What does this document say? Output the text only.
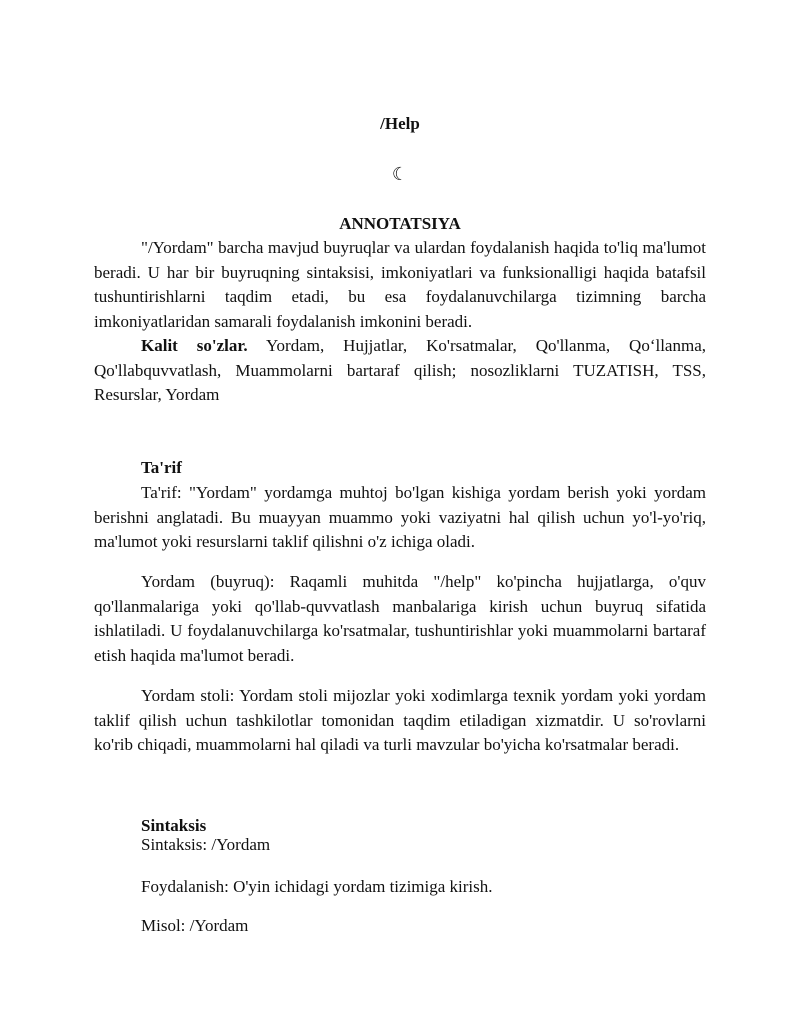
/Help

☾

ANNOTATSIYA

"/Yordam" barcha mavjud buyruqlar va ulardan foydalanish haqida to'liq ma'lumot beradi. U har bir buyruqning sintaksisi, imkoniyatlari va funksionalligi haqida batafsil tushuntirishlarni taqdim etadi, bu esa foydalanuvchilarga tizimning barcha imkoniyatlaridan samarali foydalanish imkonini beradi.

Kalit so'zlar. Yordam, Hujjatlar, Ko'rsatmalar, Qo'llanma, Qo‘llanma, Qo'llabquvvatlash, Muammolarni bartaraf qilish; nosozliklarni TUZATISH, TSS, Resurslar, Yordam

Ta'rif

Ta'rif: "Yordam" yordamga muhtoj bo'lgan kishiga yordam berish yoki yordam berishni anglatadi. Bu muayyan muammo yoki vaziyatni hal qilish uchun yo'l-yo'riq, ma'lumot yoki resurslarni taklif qilishni o'z ichiga oladi.

Yordam (buyruq): Raqamli muhitda "/help" ko'pincha hujjatlarga, o'quv qo'llanmalariga yoki qo'llab-quvvatlash manbalariga kirish uchun buyruq sifatida ishlatiladi. U foydalanuvchilarga ko'rsatmalar, tushuntirishlar yoki muammolarni bartaraf etish haqida ma'lumot beradi.

Yordam stoli: Yordam stoli mijozlar yoki xodimlarga texnik yordam yoki yordam taklif qilish uchun tashkilotlar tomonidan taqdim etiladigan xizmatdir. U so'rovlarni ko'rib chiqadi, muammolarni hal qiladi va turli mavzular bo'yicha ko'rsatmalar beradi.

Sintaksis

Sintaksis: /Yordam

Foydalanish: O'yin ichidagi yordam tizimiga kirish.

Misol: /Yordam
